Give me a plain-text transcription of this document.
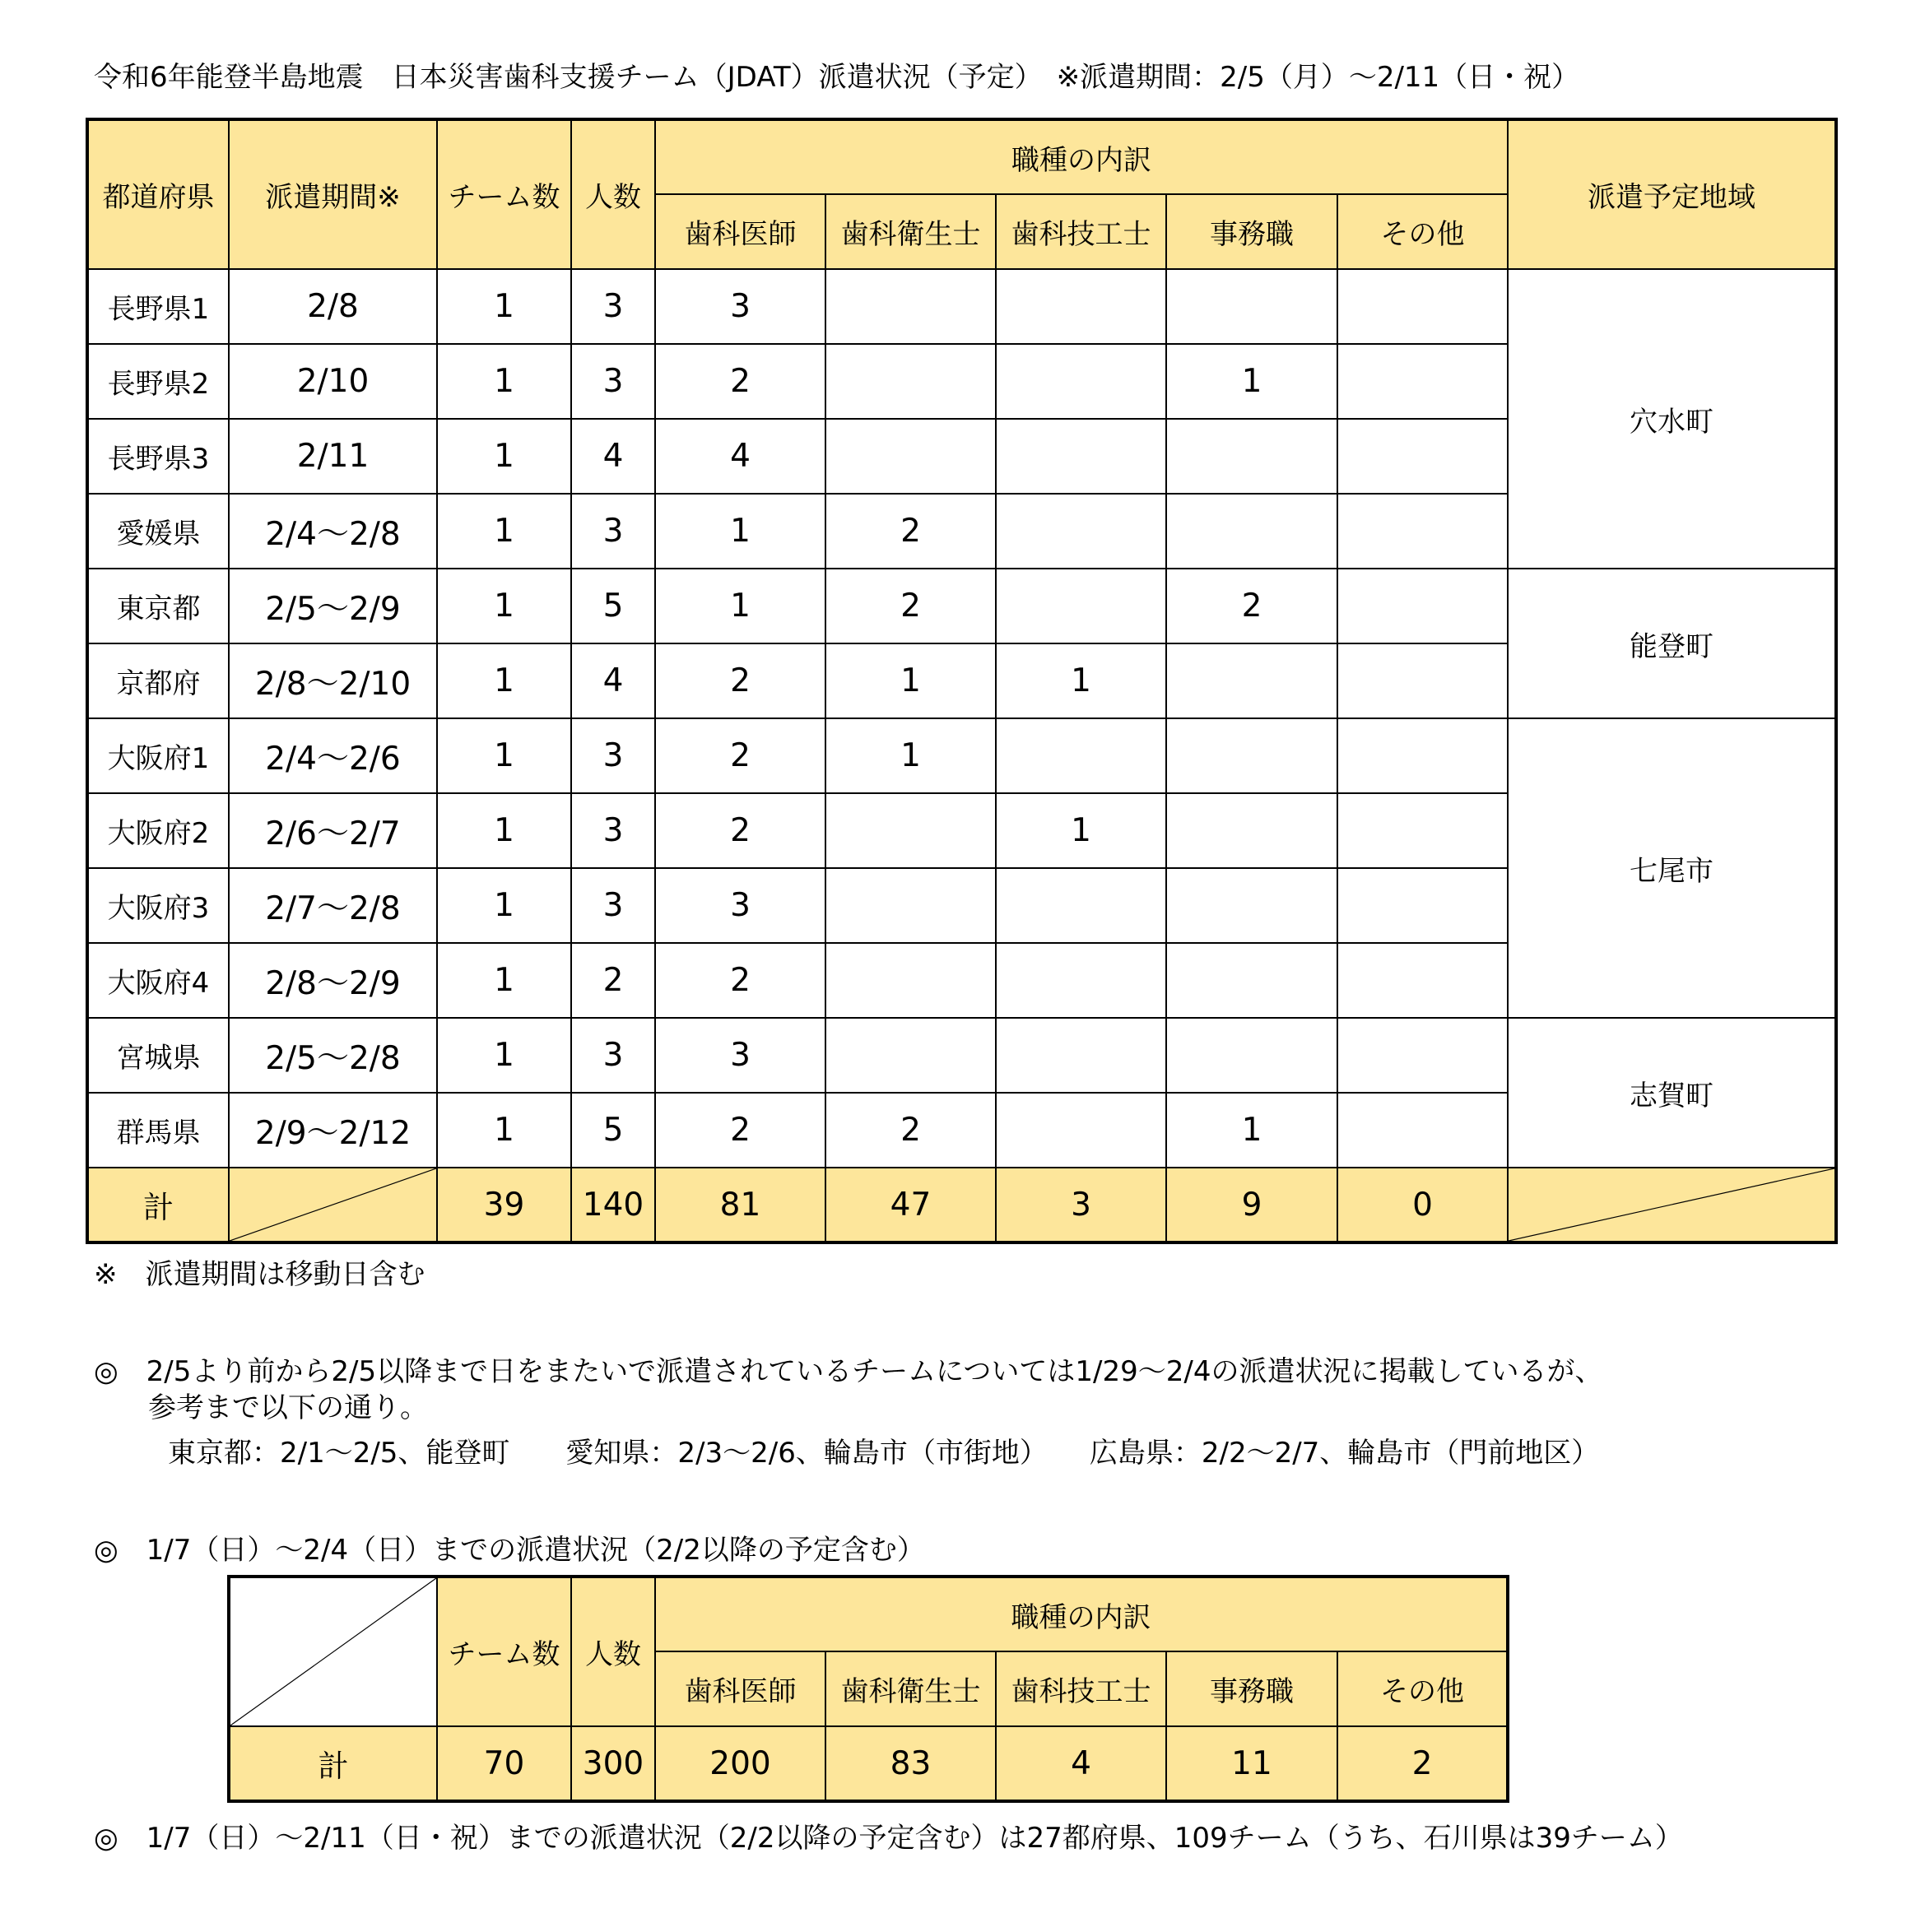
令和6年能登半島地震　日本災害歯科支援チーム（JDAT）派遣状況（予定）　※派遣期間：2/5（月）～2/11（日・祝）
都道府県	派遣期間※	チーム数	人数	職種の内訳					派遣予定地域
				歯科医師	歯科衛生士	歯科技工士	事務職	その他	
長野県1	2/8	1	3	3					穴水町
長野県2	2/10	1	3	2			1		
長野県3	2/11	1	4	4					
愛媛県	2/4～2/8	1	3	1	2				
東京都	2/5～2/9	1	5	1	2		2		能登町
京都府	2/8～2/10	1	4	2	1	1			
大阪府1	2/4～2/6	1	3	2	1				七尾市
大阪府2	2/6～2/7	1	3	2		1			
大阪府3	2/7～2/8	1	3	3					
大阪府4	2/8～2/9	1	2	2					
宮城県	2/5～2/8	1	3	3					志賀町
群馬県	2/9～2/12	1	5	2	2		1		
計		39	140	81	47	3	9	0	
※　派遣期間は移動日含む
◎　2/5より前から2/5以降まで日をまたいで派遣されているチームについては1/29～2/4の派遣状況に掲載しているが、
参考まで以下の通り。
東京都：2/1～2/5、能登町　　愛知県：2/3～2/6、輪島市（市街地）　　広島県：2/2～2/7、輪島市（門前地区）
◎　1/7（日）～2/4（日）までの派遣状況（2/2以降の予定含む）
	チーム数	人数	職種の内訳				
			歯科医師	歯科衛生士	歯科技工士	事務職	その他
計	70	300	200	83	4	11	2
◎　1/7（日）～2/11（日・祝）までの派遣状況（2/2以降の予定含む）は27都府県、109チーム（うち、石川県は39チーム）
